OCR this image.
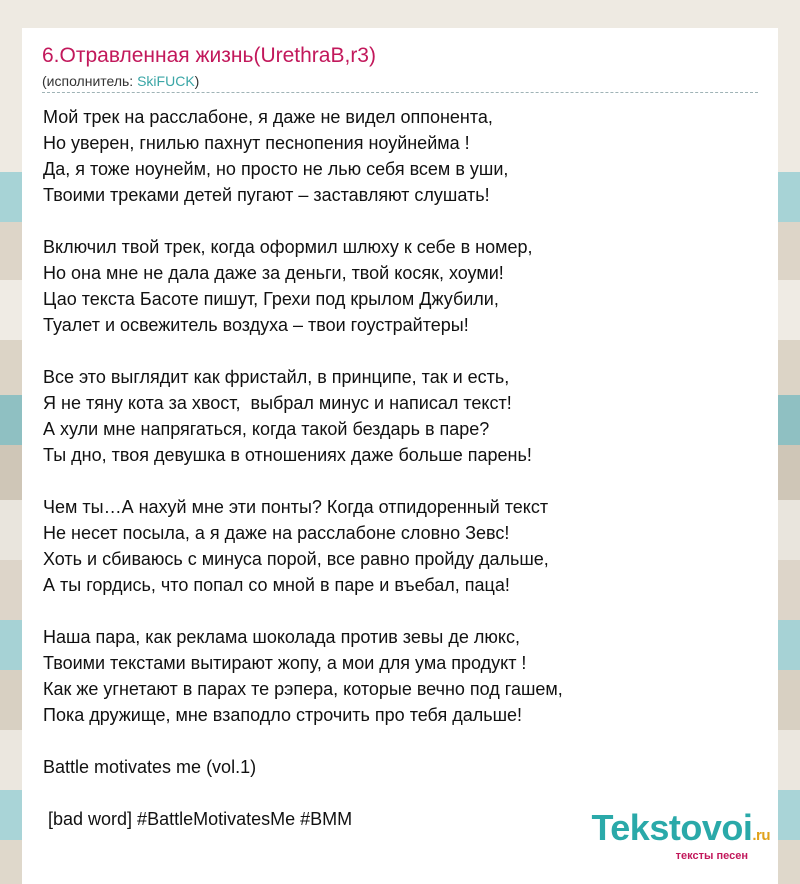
6.Отравленная жизнь(UrethraB,r3)
(исполнитель: SkiFUCK)
Мой трек на расслабоне, я даже не видел оппонента,
Но уверен, гнилью пахнут песнопения ноуйнейма !
Да, я тоже ноунейм, но просто не лью себя всем в уши,
Твоими треками детей пугают – заставляют слушать!
Включил твой трек, когда оформил шлюху к себе в номер,
Но она мне не дала даже за деньги, твой косяк, хоуми!
Цао текста Басоте пишут, Грехи под крылом Джубили,
Туалет и освежитель воздуха – твои гоустрайтеры!
Все это выглядит как фристайл, в принципе, так и есть,
Я не тяну кота за хвост,  выбрал минус и написал текст!
А хули мне напрягаться, когда такой бездарь в паре?
Ты дно, твоя девушка в отношениях даже больше парень!
Чем ты…А нахуй мне эти понты? Когда отпидоренный текст
Не несет посыла, а я даже на расслабоне словно Зевс!
Хоть и сбиваюсь с минуса порой, все равно пройду дальше,
А ты гордись, что попал со мной в паре и въебал, паца!
Наша пара, как реклама шоколада против зевы де люкс,
Твоими текстами вытирают жопу, а мои для ума продукт !
Как же угнетают в парах те рэпера, которые вечно под гашем,
Пока дружище, мне взаподло строчить про тебя дальше!
Battle motivates me (vol.1)
[bad word] #BattleMotivatesMe #BMM	Tekstovoi.ru
тексты песен
